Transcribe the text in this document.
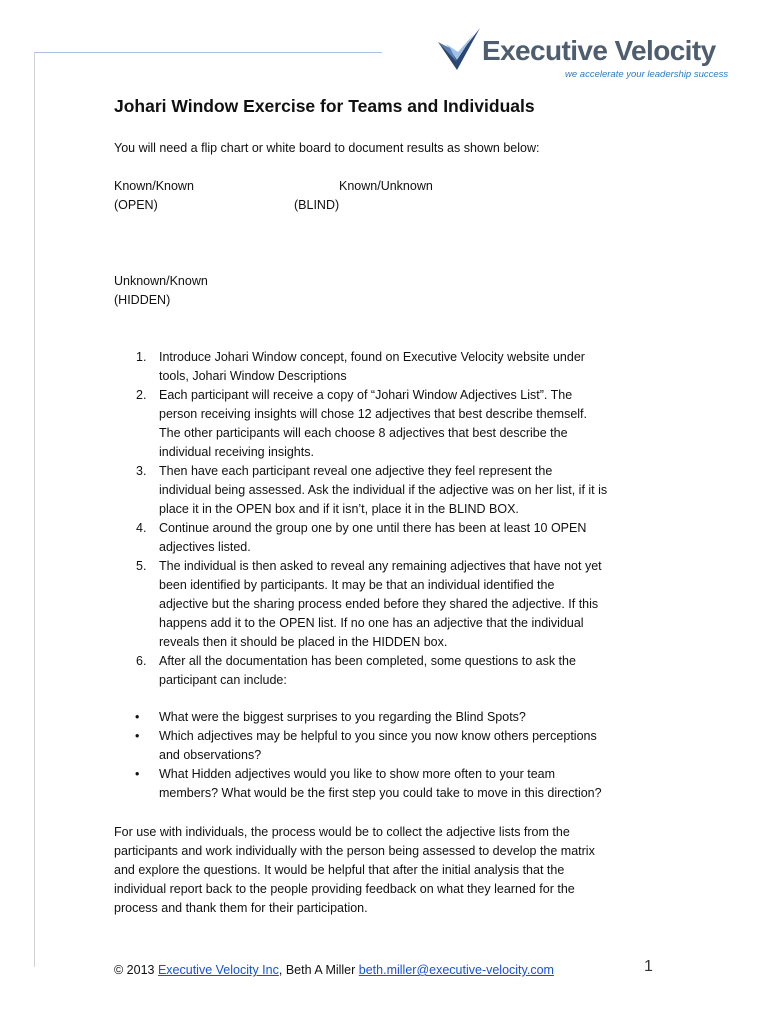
Executive Velocity
we accelerate your leadership success
Johari Window Exercise for Teams and Individuals
You will need a flip chart or white board to document results as shown below:
Known/Known	Known/Unknown
(OPEN)	(BLIND)
Unknown/Known
(HIDDEN)
1. Introduce Johari Window concept, found on Executive Velocity website under
tools, Johari Window Descriptions
2. Each participant will receive a copy of “Johari Window Adjectives List”. The
person receiving insights will chose 12 adjectives that best describe themself.
The other participants will each choose 8 adjectives that best describe the
individual receiving insights.
3. Then have each participant reveal one adjective they feel represent the
individual being assessed. Ask the individual if the adjective was on her list, if it is
place it in the OPEN box and if it isn’t, place it in the BLIND BOX.
4. Continue around the group one by one until there has been at least 10 OPEN
adjectives listed.
5. The individual is then asked to reveal any remaining adjectives that have not yet
been identified by participants. It may be that an individual identified the
adjective but the sharing process ended before they shared the adjective. If this
happens add it to the OPEN list. If no one has an adjective that the individual
reveals then it should be placed in the HIDDEN box.
6. After all the documentation has been completed, some questions to ask the
participant can include:
• What were the biggest surprises to you regarding the Blind Spots?
• Which adjectives may be helpful to you since you now know others perceptions
and observations?
• What Hidden adjectives would you like to show more often to your team
members? What would be the first step you could take to move in this direction?

For use with individuals, the process would be to collect the adjective lists from the
participants and work individually with the person being assessed to develop the matrix
and explore the questions. It would be helpful that after the initial analysis that the
individual report back to the people providing feedback on what they learned for the
process and thank them for their participation.

© 2013 Executive Velocity Inc, Beth A Miller beth.miller@executive-velocity.com	1
